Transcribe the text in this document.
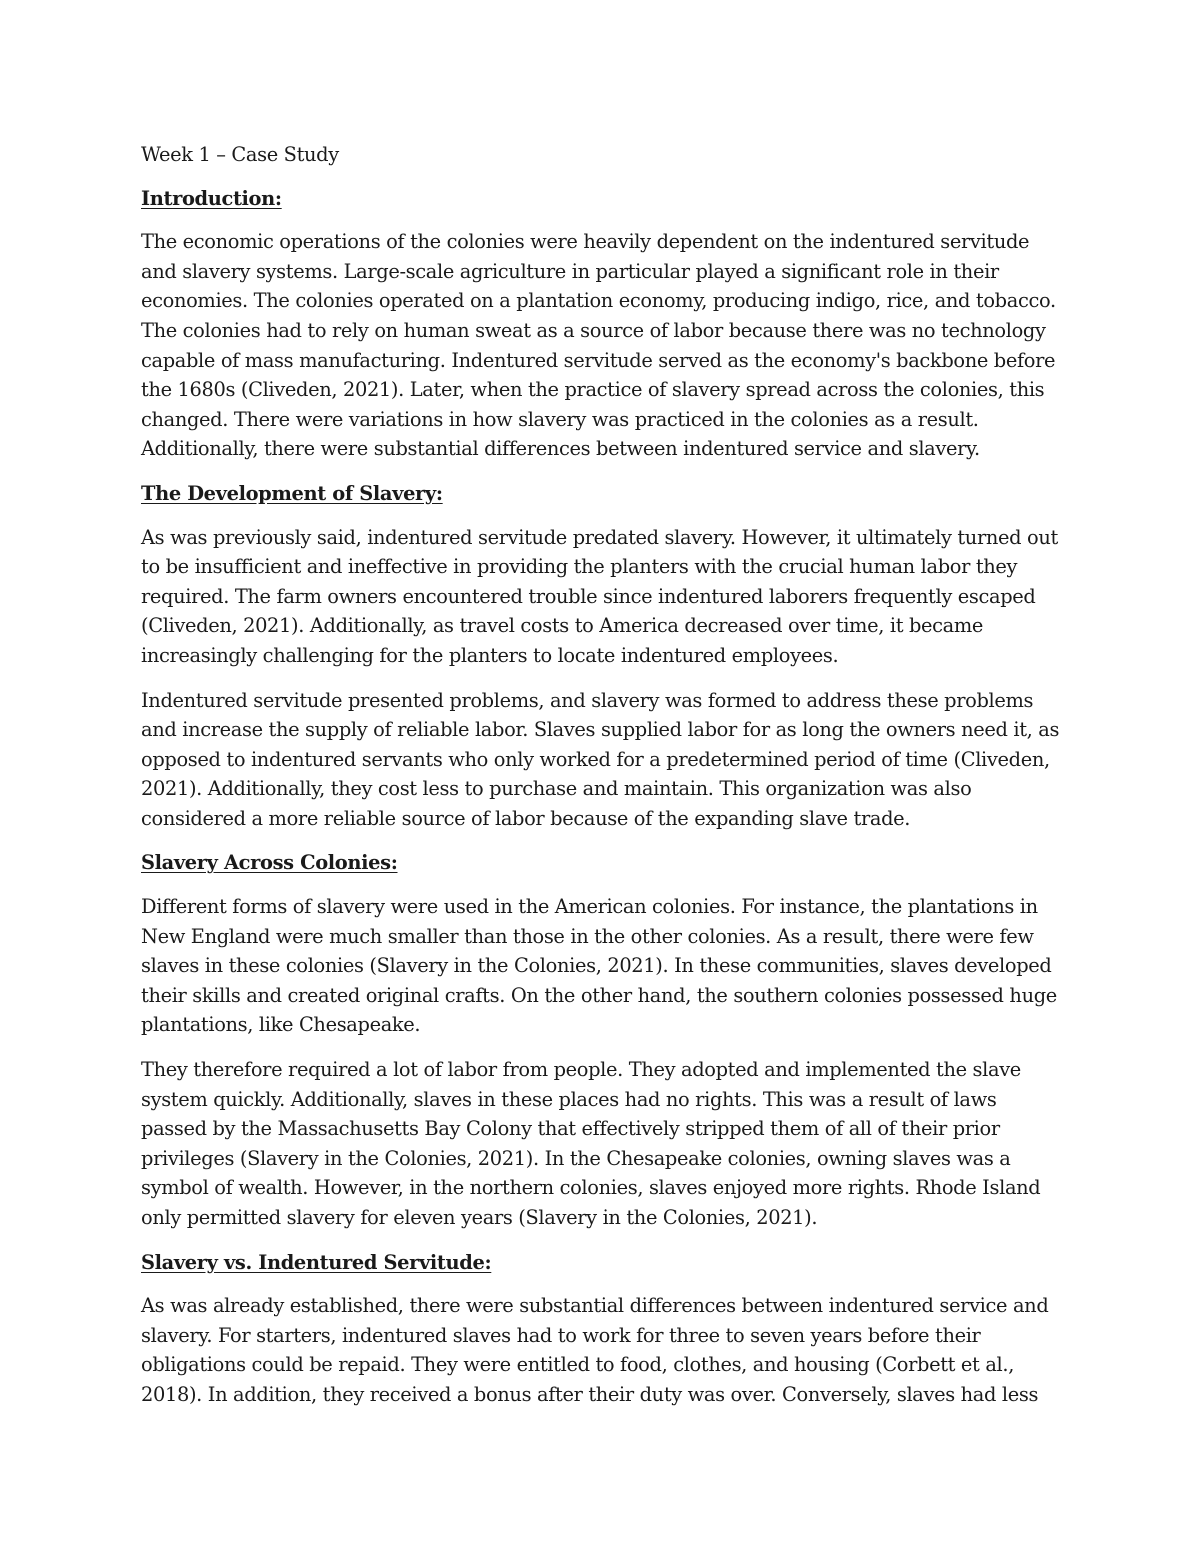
Week 1 – Case Study

Introduction:

The economic operations of the colonies were heavily dependent on the indentured servitude and slavery systems. Large-scale agriculture in particular played a significant role in their economies. The colonies operated on a plantation economy, producing indigo, rice, and tobacco. The colonies had to rely on human sweat as a source of labor because there was no technology capable of mass manufacturing. Indentured servitude served as the economy's backbone before the 1680s (Cliveden, 2021). Later, when the practice of slavery spread across the colonies, this changed. There were variations in how slavery was practiced in the colonies as a result. Additionally, there were substantial differences between indentured service and slavery.

The Development of Slavery:

As was previously said, indentured servitude predated slavery. However, it ultimately turned out to be insufficient and ineffective in providing the planters with the crucial human labor they required. The farm owners encountered trouble since indentured laborers frequently escaped (Cliveden, 2021). Additionally, as travel costs to America decreased over time, it became increasingly challenging for the planters to locate indentured employees.

Indentured servitude presented problems, and slavery was formed to address these problems and increase the supply of reliable labor. Slaves supplied labor for as long the owners need it, as opposed to indentured servants who only worked for a predetermined period of time (Cliveden, 2021). Additionally, they cost less to purchase and maintain. This organization was also considered a more reliable source of labor because of the expanding slave trade.

Slavery Across Colonies:

Different forms of slavery were used in the American colonies. For instance, the plantations in New England were much smaller than those in the other colonies. As a result, there were few slaves in these colonies (Slavery in the Colonies, 2021). In these communities, slaves developed their skills and created original crafts. On the other hand, the southern colonies possessed huge plantations, like Chesapeake.

They therefore required a lot of labor from people. They adopted and implemented the slave system quickly. Additionally, slaves in these places had no rights. This was a result of laws passed by the Massachusetts Bay Colony that effectively stripped them of all of their prior privileges (Slavery in the Colonies, 2021). In the Chesapeake colonies, owning slaves was a symbol of wealth. However, in the northern colonies, slaves enjoyed more rights. Rhode Island only permitted slavery for eleven years (Slavery in the Colonies, 2021).

Slavery vs. Indentured Servitude:

As was already established, there were substantial differences between indentured service and slavery. For starters, indentured slaves had to work for three to seven years before their obligations could be repaid. They were entitled to food, clothes, and housing (Corbett et al., 2018). In addition, they received a bonus after their duty was over. Conversely, slaves had less
